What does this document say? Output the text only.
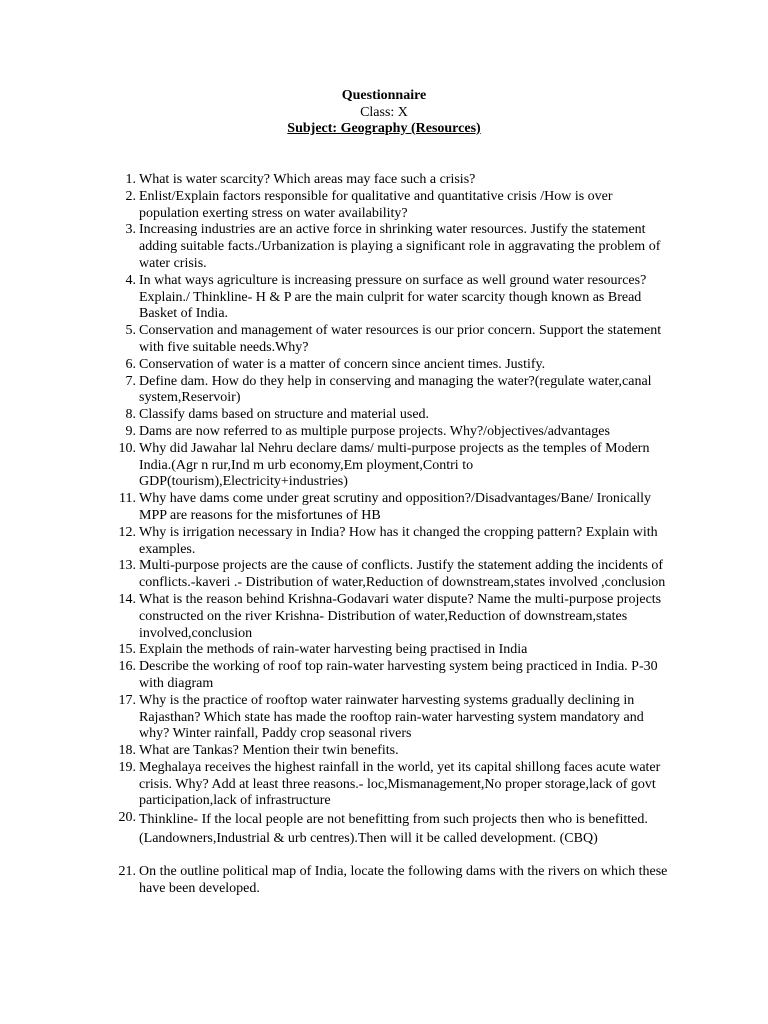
Questionnaire
Class: X
Subject: Geography (Resources)
1. What is water scarcity? Which areas may face such a crisis?
2. Enlist/Explain factors responsible for qualitative and quantitative crisis /How is over population exerting stress on water availability?
3. Increasing industries are an active force in shrinking water resources. Justify the statement adding suitable facts./Urbanization is playing a significant role in aggravating the problem of water crisis.
4. In what ways agriculture is increasing pressure on surface as well ground water resources? Explain./ Thinkline- H & P are the main culprit for water scarcity though known as Bread Basket of India.
5. Conservation and management of water resources is our prior concern. Support the statement with five suitable needs.Why?
6. Conservation of water is a matter of concern since ancient times. Justify.
7. Define dam. How do they help in conserving and managing the water?(regulate water,canal system,Reservoir)
8. Classify dams based on structure and material used.
9. Dams are now referred to as multiple purpose projects. Why?/objectives/advantages
10. Why did Jawahar lal Nehru declare dams/ multi-purpose projects as the temples of Modern India.(Agr n rur,Ind m urb economy,Em ployment,Contri to GDP(tourism),Electricity+industries)
11. Why have dams come under great scrutiny and opposition?/Disadvantages/Bane/ Ironically MPP are reasons for the misfortunes of HB
12. Why is irrigation necessary in India? How has it changed the cropping pattern? Explain with examples.
13. Multi-purpose projects are the cause of conflicts. Justify the statement adding the incidents of conflicts.-kaveri .- Distribution of water,Reduction of downstream,states involved ,conclusion
14. What is the reason behind Krishna-Godavari water dispute? Name the multi-purpose projects constructed on the river Krishna- Distribution of water,Reduction of downstream,states involved,conclusion
15. Explain the methods of rain-water harvesting being practised in India
16. Describe the working of roof top rain-water harvesting system being practiced in India. P-30 with diagram
17. Why is the practice of rooftop water rainwater harvesting systems gradually declining in Rajasthan? Which state has made the rooftop rain-water harvesting system mandatory and why? Winter rainfall, Paddy crop seasonal rivers
18. What are Tankas? Mention their twin benefits.
19. Meghalaya receives the highest rainfall in the world, yet its capital shillong faces acute water crisis. Why? Add at least three reasons.- loc,Mismanagement,No proper storage,lack of govt participation,lack of infrastructure
20. Thinkline- If the local people are not benefitting from such projects then who is benefitted.(Landowners,Industrial & urb centres).Then will it be called development. (CBQ)
21. On the outline political map of India, locate the following dams with the rivers on which these have been developed.
